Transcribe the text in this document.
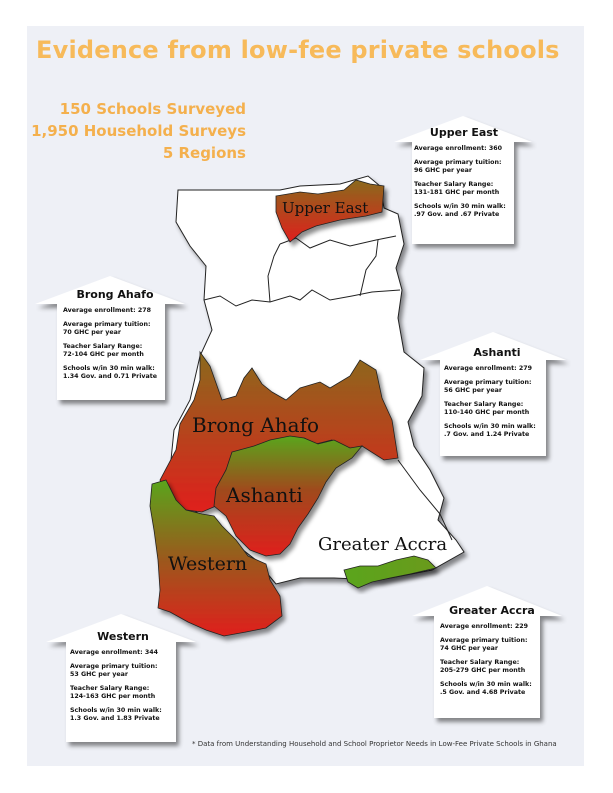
Evidence from low-fee private schools
150 Schools Surveyed
1,950 Household Surveys
5 Regions
Upper East
Brong Ahafo
Ashanti
Western
Greater Accra
Upper East
Average enrollment: 360
Average primary tuition:
96 GHC per year
Teacher Salary Range:
131-181 GHC per month
Schools w/in 30 min walk:
.97 Gov. and .67 Private
Brong Ahafo
Average enrollment: 278
Average primary tuition:
70 GHC per year
Teacher Salary Range:
72-104 GHC per month
Schools w/in 30 min walk:
1.34 Gov. and 0.71 Private
Ashanti
Average enrollment: 279
Average primary tuition:
56 GHC per year
Teacher Salary Range:
110-140 GHC per month
Schools w/in 30 min walk:
.7 Gov. and 1.24 Private
Greater Accra
Average enrollment: 229
Average primary tuition:
74 GHC per year
Teacher Salary Range:
205-279 GHC per month
Schools w/in 30 min walk:
.5 Gov. and 4.68 Private
Western
Average enrollment: 344
Average primary tuition:
53 GHC per year
Teacher Salary Range:
124-163 GHC per month
Schools w/in 30 min walk:
1.3 Gov. and 1.83 Private
* Data from Understanding Household and School Proprietor Needs in Low-Fee Private Schools in Ghana
